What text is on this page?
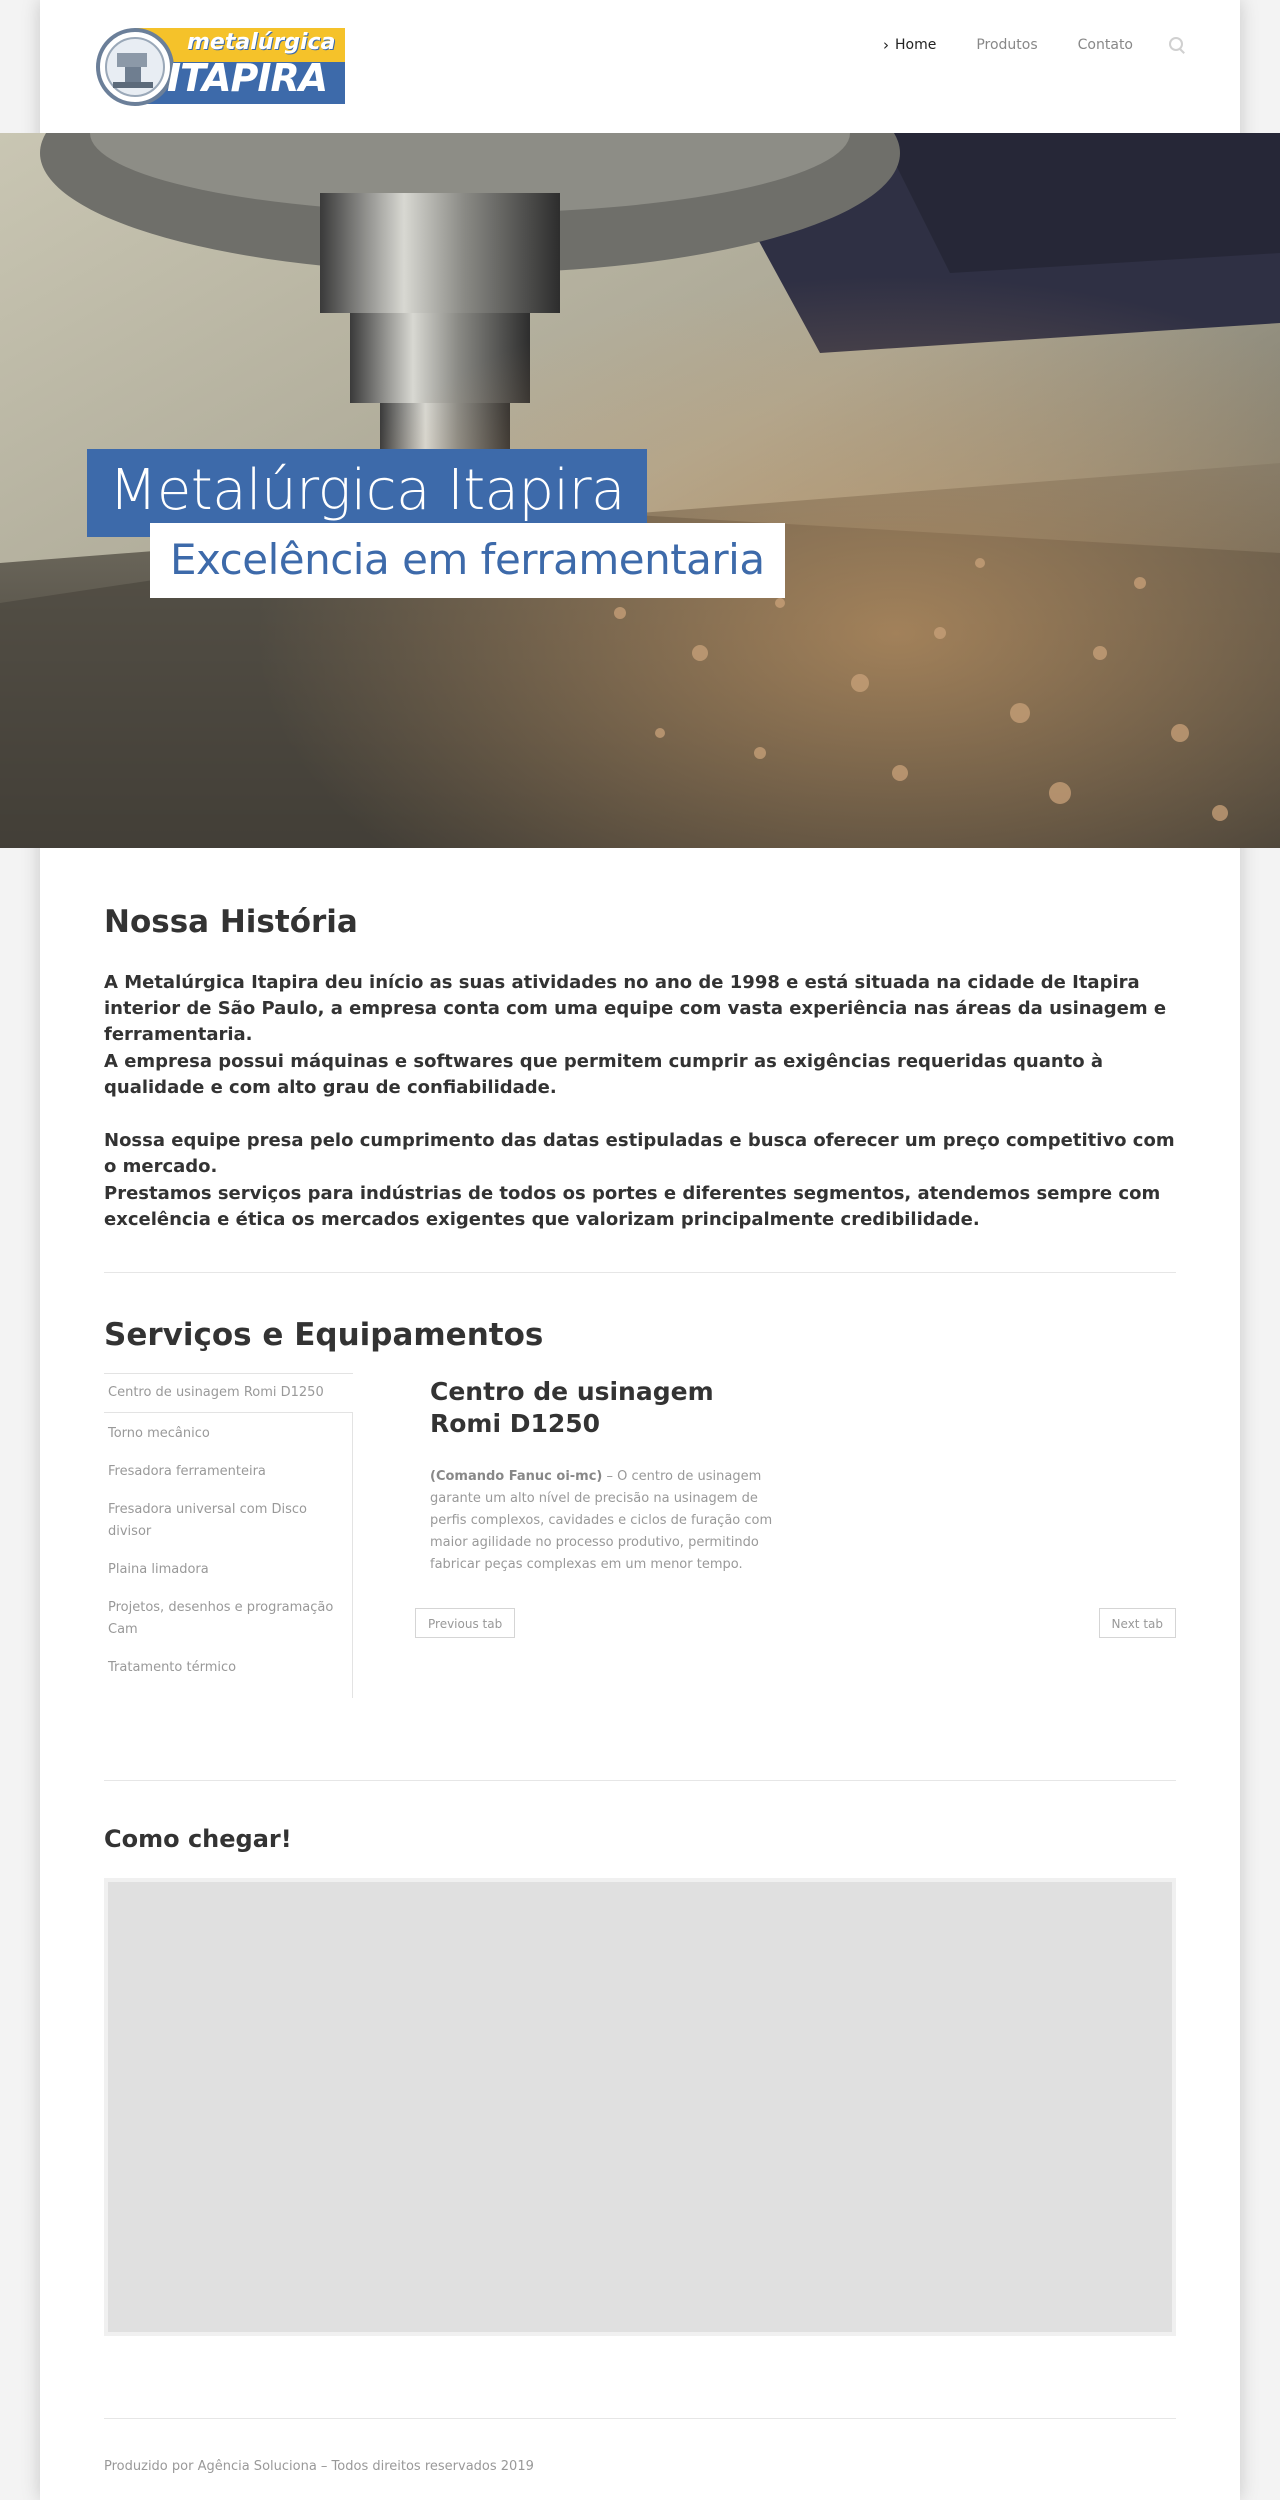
metalúrgica
ITAPIRA
› Home	Produtos	Contato
Metalúrgica Itapira
Excelência em ferramentaria
Nossa História

A Metalúrgica Itapira deu início as suas atividades no ano de 1998 e está situada na cidade de Itapira interior de São Paulo, a empresa conta com uma equipe com vasta experiência nas áreas da usinagem e ferramentaria.

A empresa possui máquinas e softwares que permitem cumprir as exigências requeridas quanto à qualidade e com alto grau de confiabilidade.

Nossa equipe presa pelo cumprimento das datas estipuladas e busca oferecer um preço competitivo com o mercado.

Prestamos serviços para indústrias de todos os portes e diferentes segmentos, atendemos sempre com excelência e ética os mercados exigentes que valorizam principalmente credibilidade.

Serviços e Equipamentos
Centro de usinagem Romi D1250
Torno mecânico
Fresadora ferramenteira
Fresadora universal com Disco divisor
Plaina limadora
Projetos, desenhos e programação Cam
Tratamento térmico
Centro de usinagem Romi D1250
(Comando Fanuc oi-mc) – O centro de usinagem garante um alto nível de precisão na usinagem de perfis complexos, cavidades e ciclos de furação com maior agilidade no processo produtivo, permitindo fabricar peças complexas em um menor tempo.
Previous tab	Next tab
Como chegar!
Produzido por Agência Soluciona – Todos direitos reservados 2019
